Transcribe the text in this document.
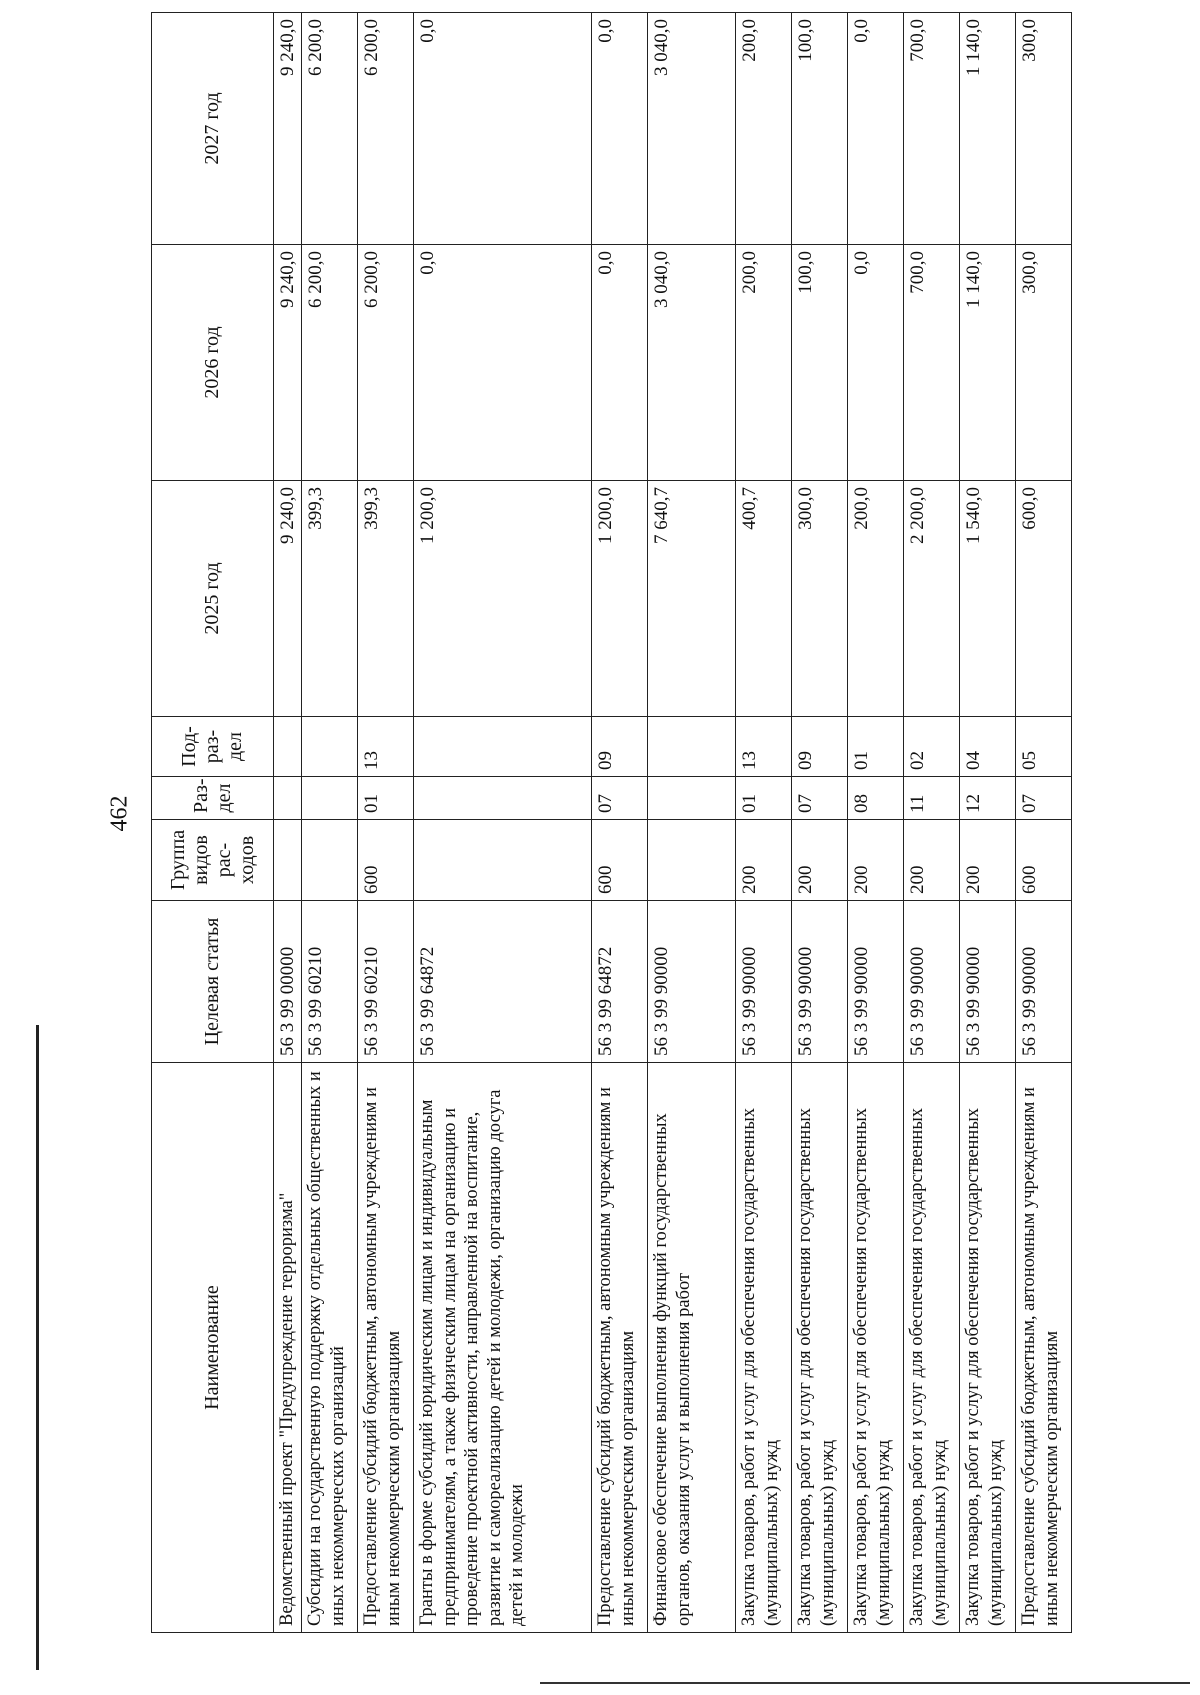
462
Наименование	Целевая статья	Группа видов рас-ходов	Раз-дел	Под-раз-дел	2025 год	2026 год	2027 год
Ведомственный проект "Предупреждение терроризма"	56 3 99 00000				9 240,0	9 240,0	9 240,0
Субсидии на государственную поддержку отдельных общественных и иных некоммерческих организаций	56 3 99 60210				399,3	6 200,0	6 200,0
Предоставление субсидий бюджетным, автономным учреждениям и иным некоммерческим организациям	56 3 99 60210	600	01	13	399,3	6 200,0	6 200,0
Гранты в форме субсидий юридическим лицам и индивидуальным предпринимателям, а также физическим лицам на организацию и проведение проектной активности, направленной на воспитание, развитие и самореализацию детей и молодежи, организацию досуга детей и молодежи	56 3 99 64872				1 200,0	0,0	0,0
Предоставление субсидий бюджетным, автономным учреждениям и иным некоммерческим организациям	56 3 99 64872	600	07	09	1 200,0	0,0	0,0
Финансовое обеспечение выполнения функций государственных органов, оказания услуг и выполнения работ	56 3 99 90000				7 640,7	3 040,0	3 040,0
Закупка товаров, работ и услуг для обеспечения государственных (муниципальных) нужд	56 3 99 90000	200	01	13	400,7	200,0	200,0
Закупка товаров, работ и услуг для обеспечения государственных (муниципальных) нужд	56 3 99 90000	200	07	09	300,0	100,0	100,0
Закупка товаров, работ и услуг для обеспечения государственных (муниципальных) нужд	56 3 99 90000	200	08	01	200,0	0,0	0,0
Закупка товаров, работ и услуг для обеспечения государственных (муниципальных) нужд	56 3 99 90000	200	11	02	2 200,0	700,0	700,0
Закупка товаров, работ и услуг для обеспечения государственных (муниципальных) нужд	56 3 99 90000	200	12	04	1 540,0	1 140,0	1 140,0
Предоставление субсидий бюджетным, автономным учреждениям и иным некоммерческим организациям	56 3 99 90000	600	07	05	600,0	300,0	300,0
